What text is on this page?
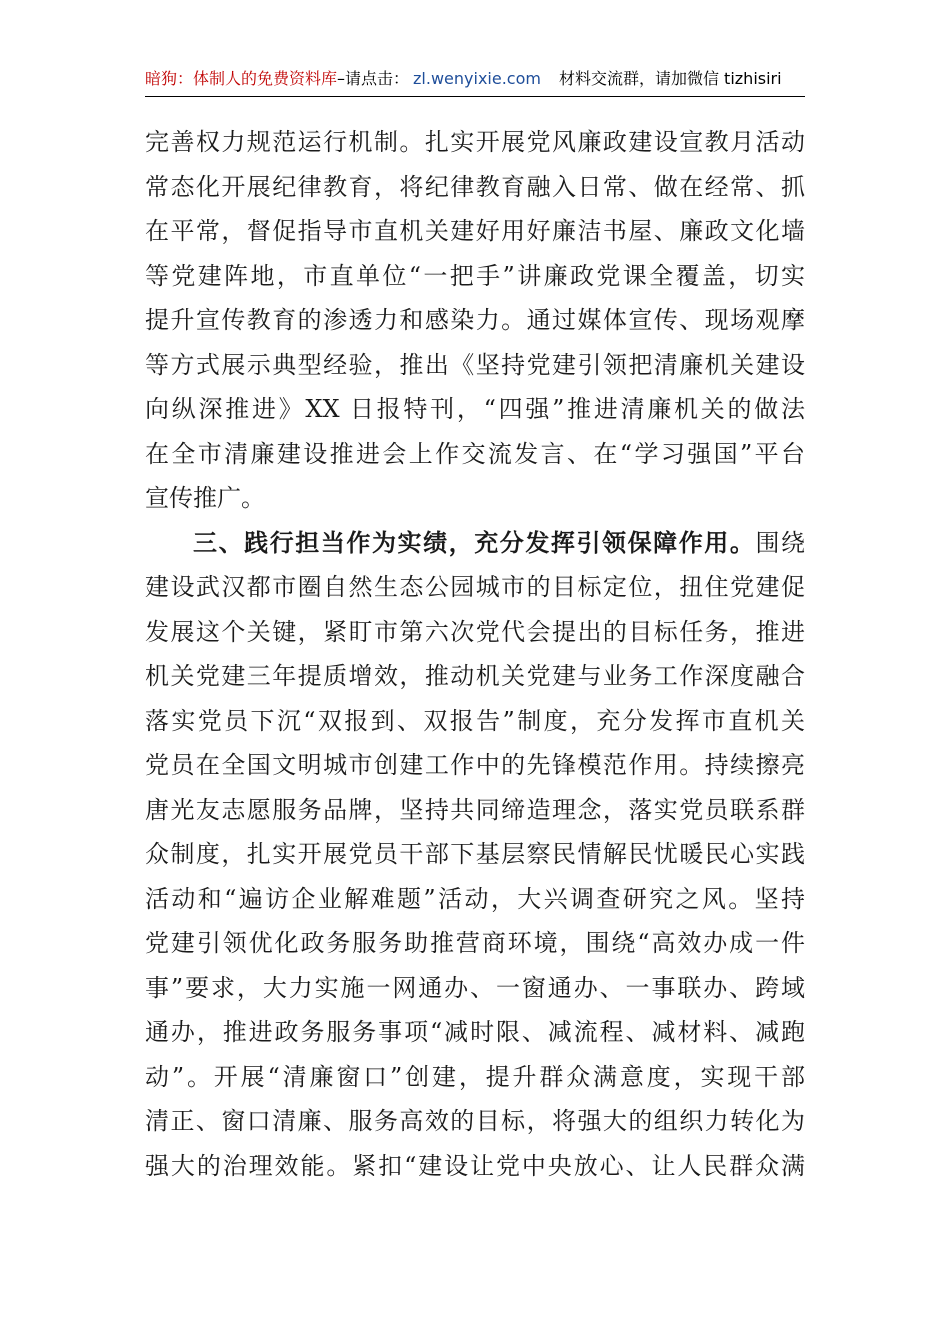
暗狗：体制人的免费资料库–请点击： zl.wenyixie.com 材料交流群，请加微信 tizhisiri
完善权力规范运行机制。扎实开展党风廉政建设宣教月活动
常态化开展纪律教育，将纪律教育融入日常、做在经常、抓
在平常，督促指导市直机关建好用好廉洁书屋、廉政文化墙
等党建阵地，市直单位“一把手”讲廉政党课全覆盖，切实
提升宣传教育的渗透力和感染力。通过媒体宣传、现场观摩
等方式展示典型经验，推出《坚持党建引领把清廉机关建设
向纵深推进》XX 日报特刊，“四强”推进清廉机关的做法
在全市清廉建设推进会上作交流发言、在“学习强国”平台
宣传推广。
三、践行担当作为实绩，充分发挥引领保障作用。围绕
建设武汉都市圈自然生态公园城市的目标定位，扭住党建促
发展这个关键，紧盯市第六次党代会提出的目标任务，推进
机关党建三年提质增效，推动机关党建与业务工作深度融合
落实党员下沉“双报到、双报告”制度，充分发挥市直机关
党员在全国文明城市创建工作中的先锋模范作用。持续擦亮
唐光友志愿服务品牌，坚持共同缔造理念，落实党员联系群
众制度，扎实开展党员干部下基层察民情解民忧暖民心实践
活动和“遍访企业解难题”活动，大兴调查研究之风。坚持
党建引领优化政务服务助推营商环境，围绕“高效办成一件
事”要求，大力实施一网通办、一窗通办、一事联办、跨域
通办，推进政务服务事项“减时限、减流程、减材料、减跑
动”。开展“清廉窗口”创建，提升群众满意度，实现干部
清正、窗口清廉、服务高效的目标，将强大的组织力转化为
强大的治理效能。紧扣“建设让党中央放心、让人民群众满
